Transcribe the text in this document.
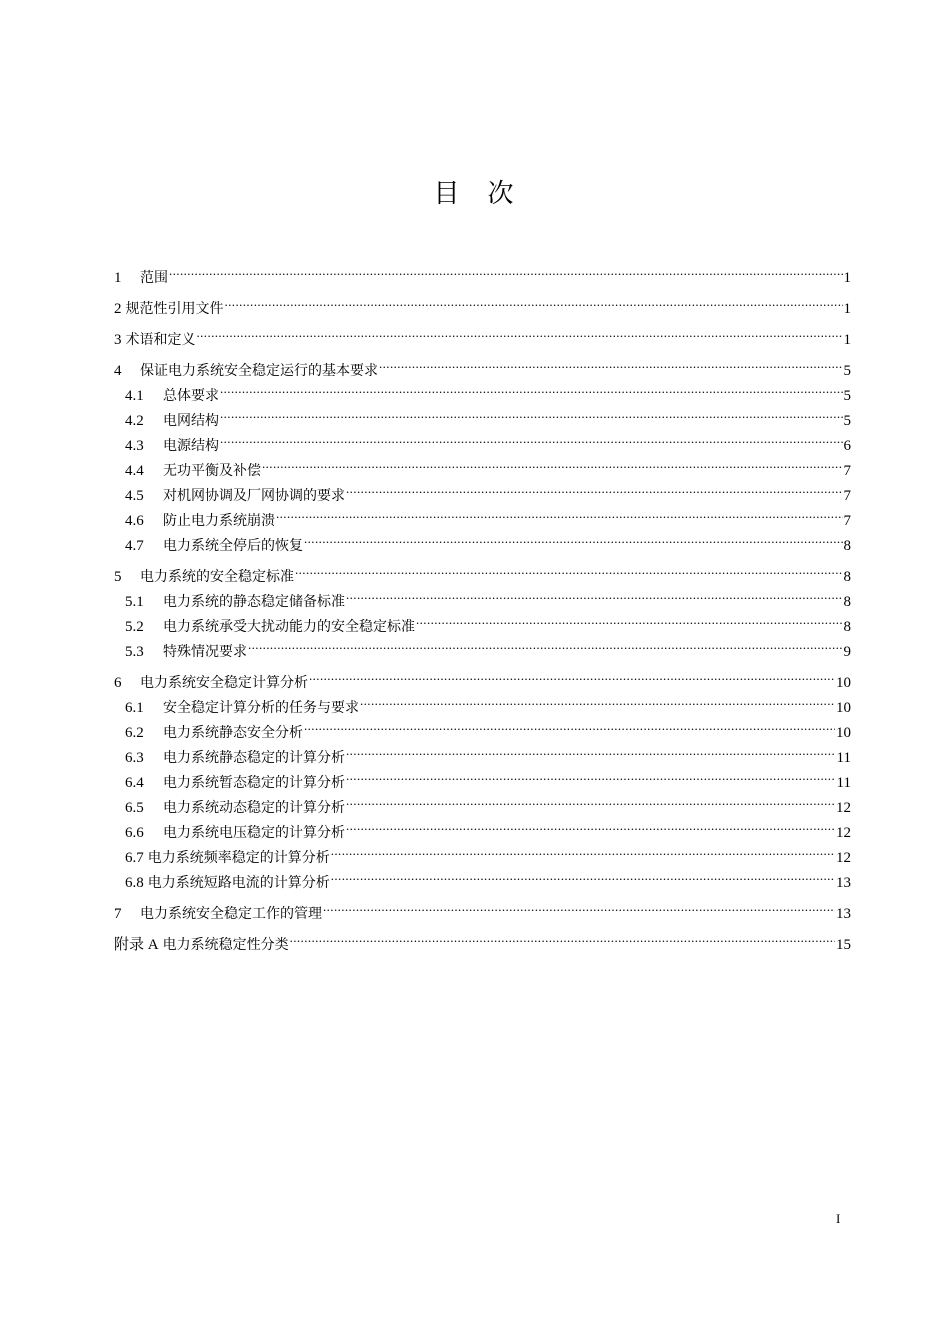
目次
1	范围 .....	1
2 规范性引用文件 .....	1
3 术语和定义 .....	1
4	保证电力系统安全稳定运行的基本要求 .....	5
4.1	总体要求 .....	5
4.2	电网结构 .....	5
4.3	电源结构 .....	6
4.4	无功平衡及补偿 .....	7
4.5	对机网协调及厂网协调的要求 .....	7
4.6	防止电力系统崩溃 .....	7
4.7	电力系统全停后的恢复 .....	8
5	电力系统的安全稳定标准 .....	8
5.1	电力系统的静态稳定储备标准 .....	8
5.2	电力系统承受大扰动能力的安全稳定标准 .....	8
5.3	特殊情况要求 .....	9
6	电力系统安全稳定计算分析 .....	10
6.1	安全稳定计算分析的任务与要求 .....	10
6.2	电力系统静态安全分析 .....	10
6.3	电力系统静态稳定的计算分析 .....	11
6.4	电力系统暂态稳定的计算分析 .....	11
6.5	电力系统动态稳定的计算分析 .....	12
6.6	电力系统电压稳定的计算分析 .....	12
6.7 电力系统频率稳定的计算分析 .....	12
6.8 电力系统短路电流的计算分析 .....	13
7	电力系统安全稳定工作的管理 .....	13
附录 A 电力系统稳定性分类 .....	15
I
